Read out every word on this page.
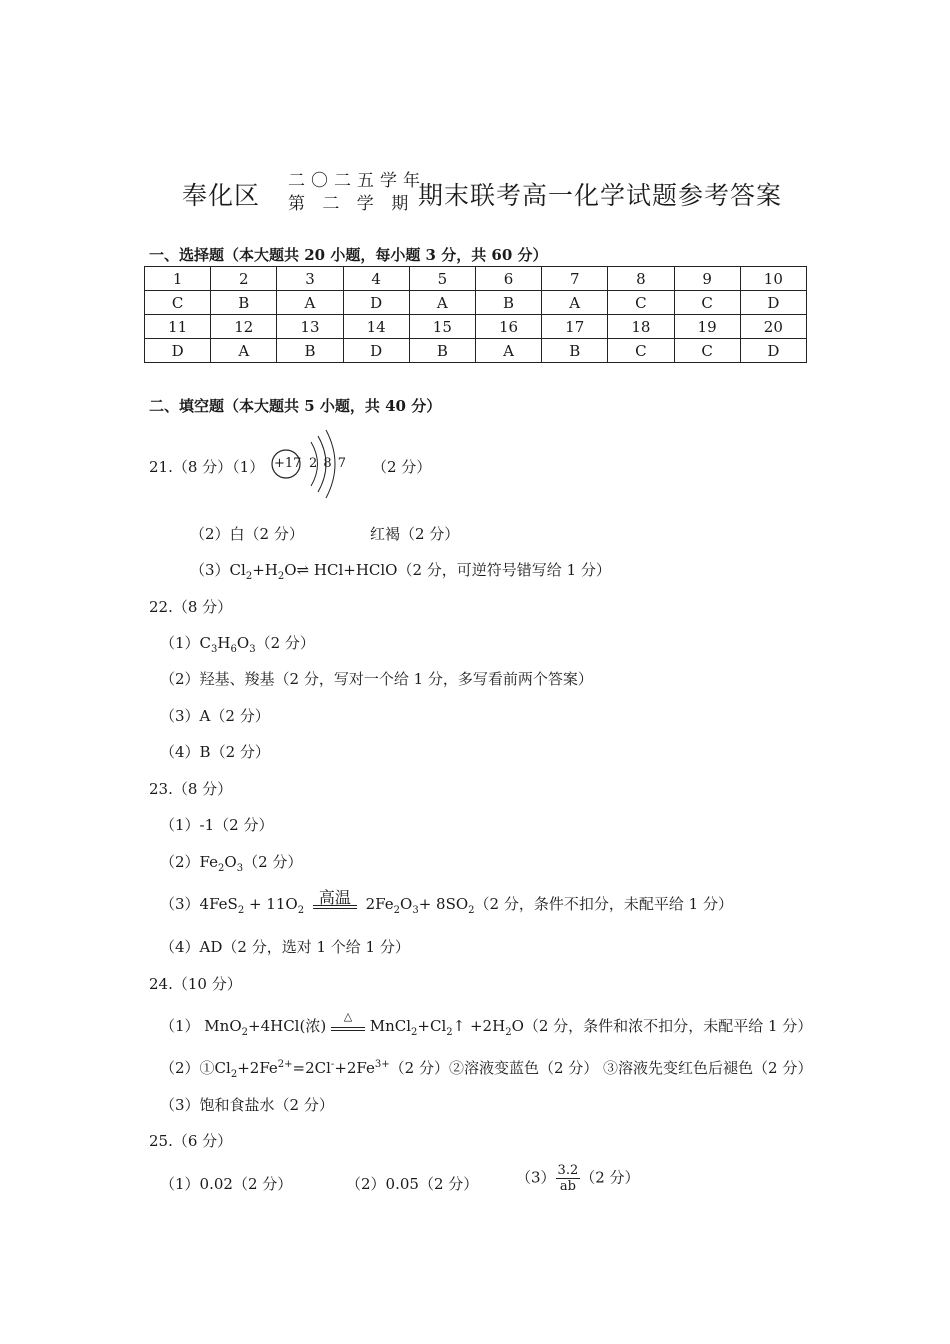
奉化区 二〇二五学年
第 二 学 期 期末联考高一化学试题参考答案
一、选择题（本大题共 20 小题，每小题 3 分，共 60 分）
1	2	3	4	5	6	7	8	9	10
C	B	A	D	A	B	A	C	C	D
11	12	13	14	15	16	17	18	19	20
D	A	B	D	B	A	B	C	C	D
二、填空题（本大题共 5 小题，共 40 分）
21.（8 分）（1） +17 2 8 7 （2 分）
（2）白（2 分）	红褐（2 分）
$(3)Cl_2+H_2O\rightleftharpoons$ HCl+HClO（2 分，可逆符号错写给 1 分）
22.（8 分）
$(1)C_3H_6O_3(2$ 分）
（2）羟基、羧基（2 分，写对一个给 1 分，多写看前两个答案）
（3）A（2 分）
（4）B（2 分）
23.（8 分）
（1）-1（2 分）
$(2)Fe_2O_3(2$ 分）
$(3)4FeS_2 + 11O_2$
高温 $2Fe_2O_3+ 8SO_2(2$ 分，条件不扣分，未配平给 1 分）
（4）AD（2 分，选对 1 个给 1 分）
24.（10 分）
（1） MnO$_2$+4HCl(浓)
△
$MnCl_2+Cl_2↑ +2H_2O(2$ 分，条件和浓不扣分，未配平给 1 分）
$(2)①Cl_2+2Fe^{2+}=2Cl^-+2Fe^{3+}(2$ 分）②溶液变蓝色（2 分） ③溶液先变红色后褪色（2 分）
（3）饱和食盐水（2 分）
25.（6 分）
（1）0.02（2 分）	（2）0.05（2 分）	$(3) \frac{3.2}{ab} (2$ 分）
